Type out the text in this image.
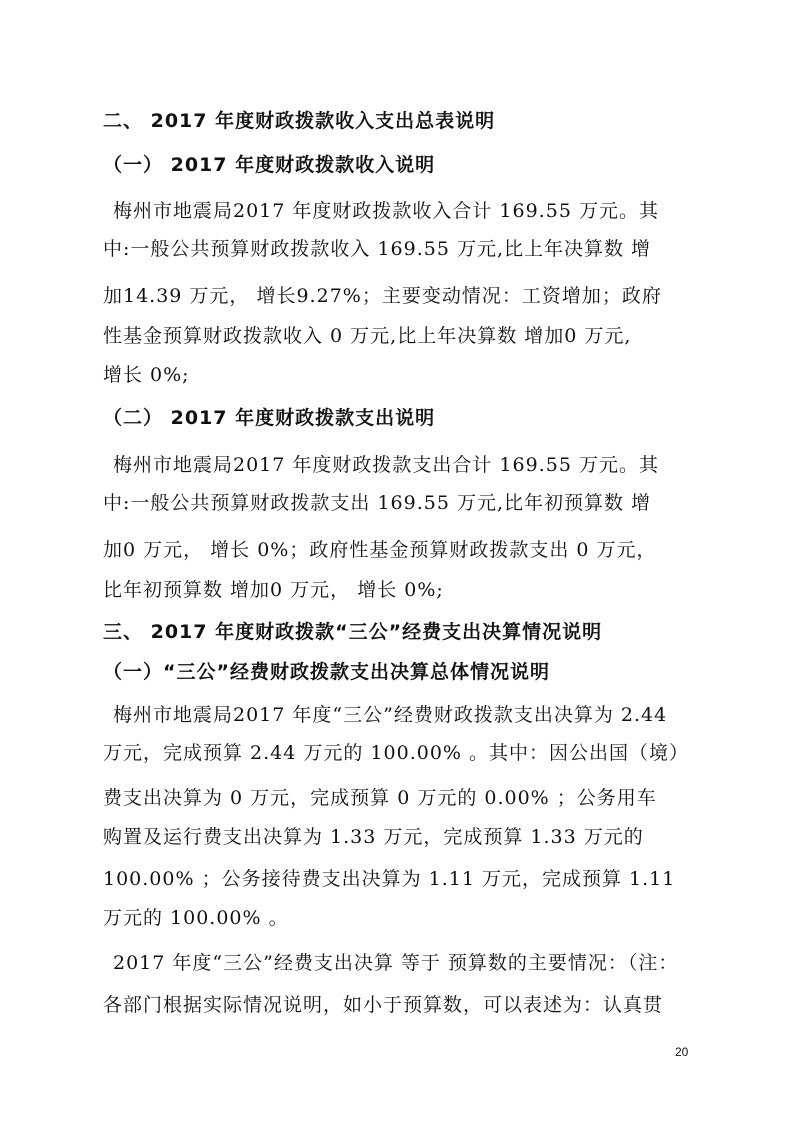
二、 2017 年度财政拨款收入支出总表说明
（一） 2017 年度财政拨款收入说明
梅州市地震局2017 年度财政拨款收入合计 169.55 万元。其
中:一般公共预算财政拨款收入 169.55 万元,比上年决算数 增
加14.39 万元， 增长9.27%；主要变动情况：工资增加；政府
性基金预算财政拨款收入 0 万元,比上年决算数 增加0 万元,
增长 0%;
（二） 2017 年度财政拨款支出说明
梅州市地震局2017 年度财政拨款支出合计 169.55 万元。其
中:一般公共预算财政拨款支出 169.55 万元,比年初预算数 增
加0 万元， 增长 0%；政府性基金预算财政拨款支出 0 万元，
比年初预算数 增加0 万元， 增长 0%;
三、 2017 年度财政拨款“三公”经费支出决算情况说明
（一）“三公”经费财政拨款支出决算总体情况说明
梅州市地震局2017 年度“三公”经费财政拨款支出决算为 2.44
万元，完成预算 2.44 万元的 100.00% 。其中：因公出国（境）
费支出决算为 0 万元，完成预算 0 万元的 0.00% ；公务用车
购置及运行费支出决算为 1.33 万元，完成预算 1.33 万元的
100.00% ；公务接待费支出决算为 1.11 万元，完成预算 1.11
万元的 100.00% 。
2017 年度“三公”经费支出决算 等于 预算数的主要情况：（注：
各部门根据实际情况说明，如小于预算数，可以表述为：认真贯
20
